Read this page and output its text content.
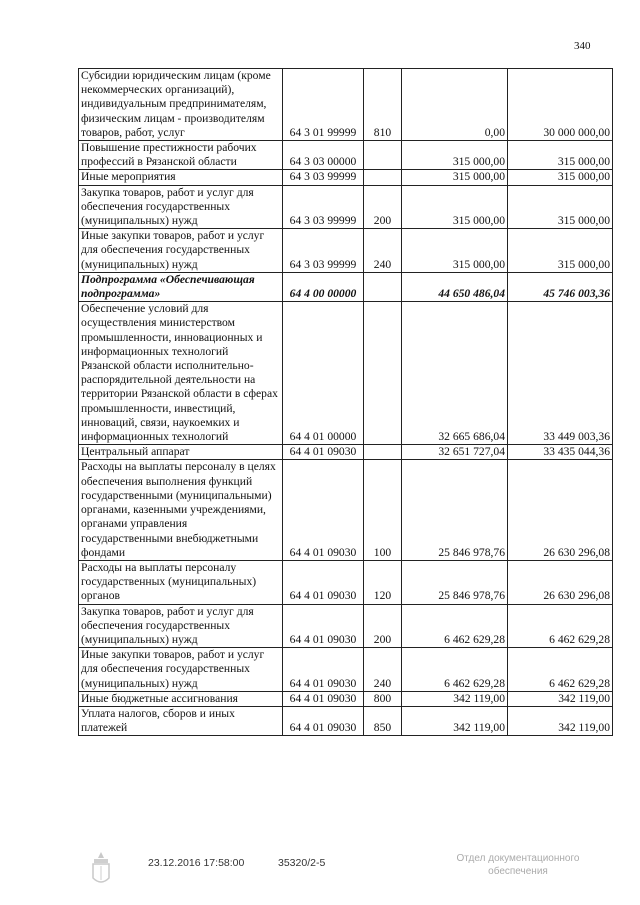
340
Субсидии юридическим лицам (кроме некоммерческих организаций), индивидуальным предпринимателям, физическим лицам - производителям товаров, работ, услуг	64 3 01 99999	810	0,00	30 000 000,00
Повышение престижности рабочих профессий в Рязанской области	64 3 03 00000		315 000,00	315 000,00
Иные мероприятия	64 3 03 99999		315 000,00	315 000,00
Закупка товаров, работ и услуг для обеспечения государственных (муниципальных) нужд	64 3 03 99999	200	315 000,00	315 000,00
Иные закупки товаров, работ и услуг для обеспечения государственных (муниципальных) нужд	64 3 03 99999	240	315 000,00	315 000,00
Подпрограмма «Обеспечивающая подпрограмма»	64 4 00 00000		44 650 486,04	45 746 003,36
Обеспечение условий для осуществления министерством промышленности, инновационных и информационных технологий Рязанской области исполнительно-распорядительной деятельности на территории Рязанской области в сферах промышленности, инвестиций, инноваций, связи, наукоемких и информационных технологий	64 4 01 00000		32 665 686,04	33 449 003,36
Центральный аппарат	64 4 01 09030		32 651 727,04	33 435 044,36
Расходы на выплаты персоналу в целях обеспечения выполнения функций государственными (муниципальными) органами, казенными учреждениями, органами управления государственными внебюджетными фондами	64 4 01 09030	100	25 846 978,76	26 630 296,08
Расходы на выплаты персоналу государственных (муниципальных) органов	64 4 01 09030	120	25 846 978,76	26 630 296,08
Закупка товаров, работ и услуг для обеспечения государственных (муниципальных) нужд	64 4 01 09030	200	6 462 629,28	6 462 629,28
Иные закупки товаров, работ и услуг для обеспечения государственных (муниципальных) нужд	64 4 01 09030	240	6 462 629,28	6 462 629,28
Иные бюджетные ассигнования	64 4 01 09030	800	342 119,00	342 119,00
Уплата налогов, сборов и иных платежей	64 4 01 09030	850	342 119,00	342 119,00
23.12.2016 17:58:00	35320/2-5	Отдел документационного обеспечения
